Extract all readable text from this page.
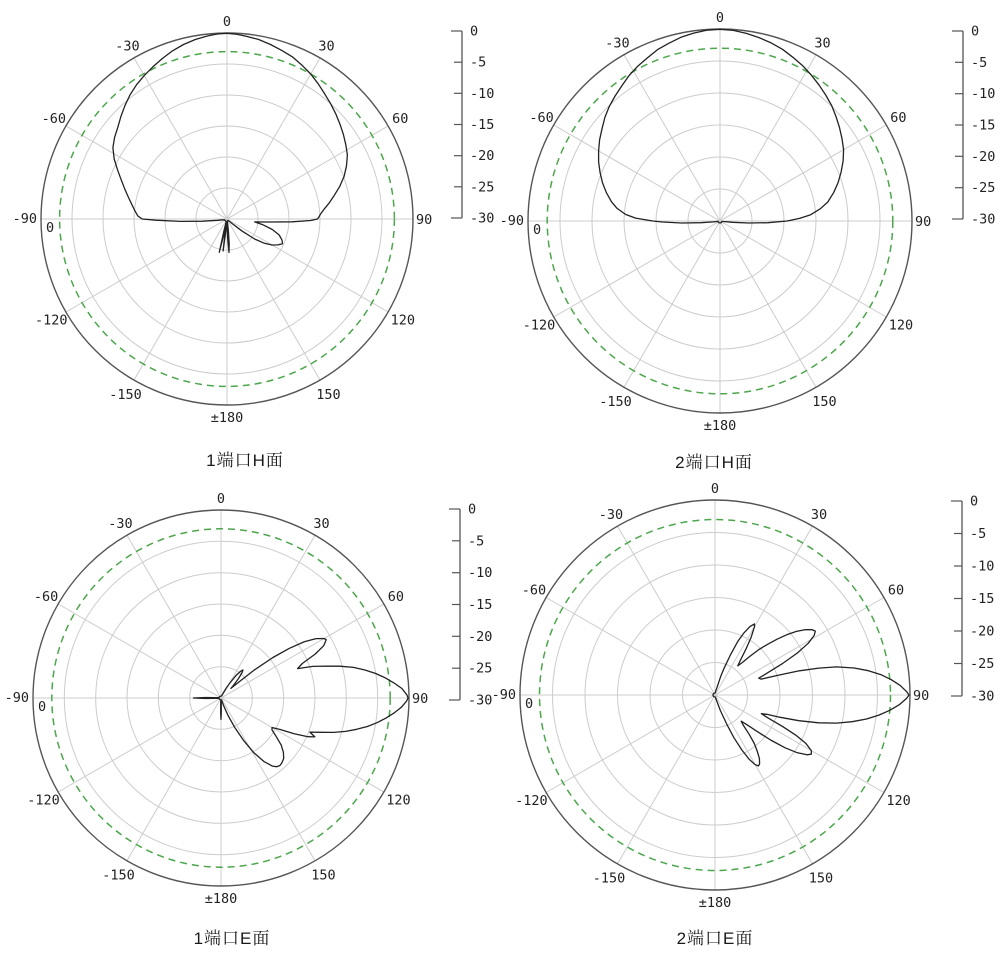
0
30
60
90
120
150
±180
-150
-120
-90
-60
-30
0
0
-5
-10
-15
-20
-25
-30
0
30
60
90
120
150
±180
-150
-120
-90
-60
-30
0
0
-5
-10
-15
-20
-25
-30
0
30
60
90
120
150
±180
-150
-120
-90
-60
-30
0
0
-5
-10
-15
-20
-25
-30
0
30
60
90
120
150
±180
-150
-120
-90
-60
-30
0
0
-5
-10
-15
-20
-25
-30
1端口H面	2端口H面
1端口E面	2端口E面
